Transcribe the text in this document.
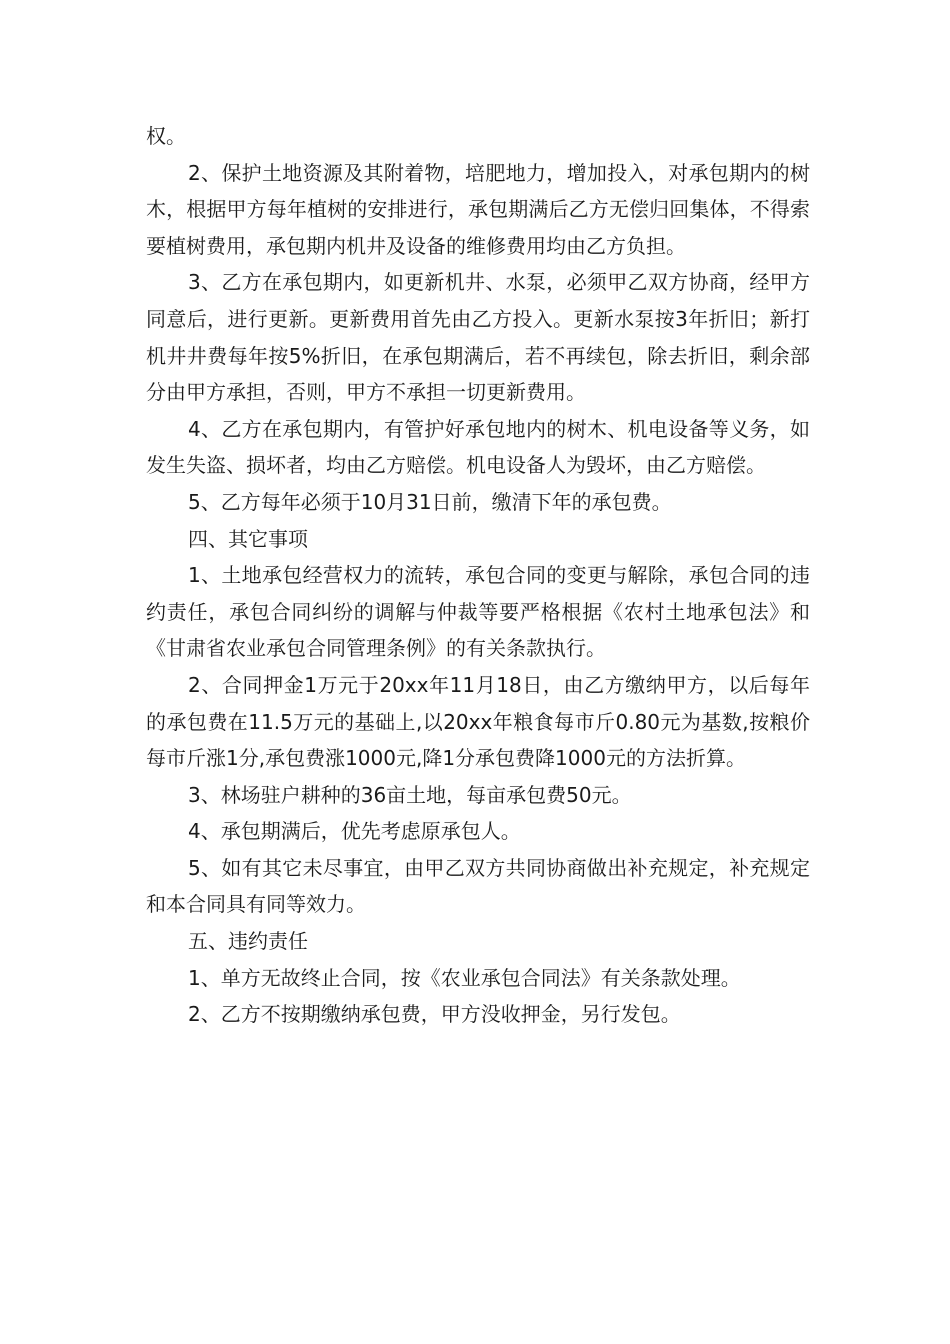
权。

2、保护土地资源及其附着物，培肥地力，增加投入，对承包期内的树木，根据甲方每年植树的安排进行，承包期满后乙方无偿归回集体，不得索要植树费用，承包期内机井及设备的维修费用均由乙方负担。

3、乙方在承包期内，如更新机井、水泵，必须甲乙双方协商，经甲方同意后，进行更新。更新费用首先由乙方投入。更新水泵按3年折旧；新打机井井费每年按5%折旧，在承包期满后，若不再续包，除去折旧，剩余部分由甲方承担，否则，甲方不承担一切更新费用。

4、乙方在承包期内，有管护好承包地内的树木、机电设备等义务，如发生失盗、损坏者，均由乙方赔偿。机电设备人为毁坏，由乙方赔偿。

5、乙方每年必须于10月31日前，缴清下年的承包费。

四、其它事项

1、土地承包经营权力的流转，承包合同的变更与解除，承包合同的违约责任，承包合同纠纷的调解与仲裁等要严格根据《农村土地承包法》和《甘肃省农业承包合同管理条例》的有关条款执行。

2、合同押金1万元于20xx年11月18日，由乙方缴纳甲方，以后每年的承包费在11.5万元的基础上,以20xx年粮食每市斤0.80元为基数,按粮价每市斤涨1分,承包费涨1000元,降1分承包费降1000元的方法折算。

3、林场驻户耕种的36亩土地，每亩承包费50元。

4、承包期满后，优先考虑原承包人。

5、如有其它未尽事宜，由甲乙双方共同协商做出补充规定，补充规定和本合同具有同等效力。

五、违约责任

1、单方无故终止合同，按《农业承包合同法》有关条款处理。

2、乙方不按期缴纳承包费，甲方没收押金，另行发包。
